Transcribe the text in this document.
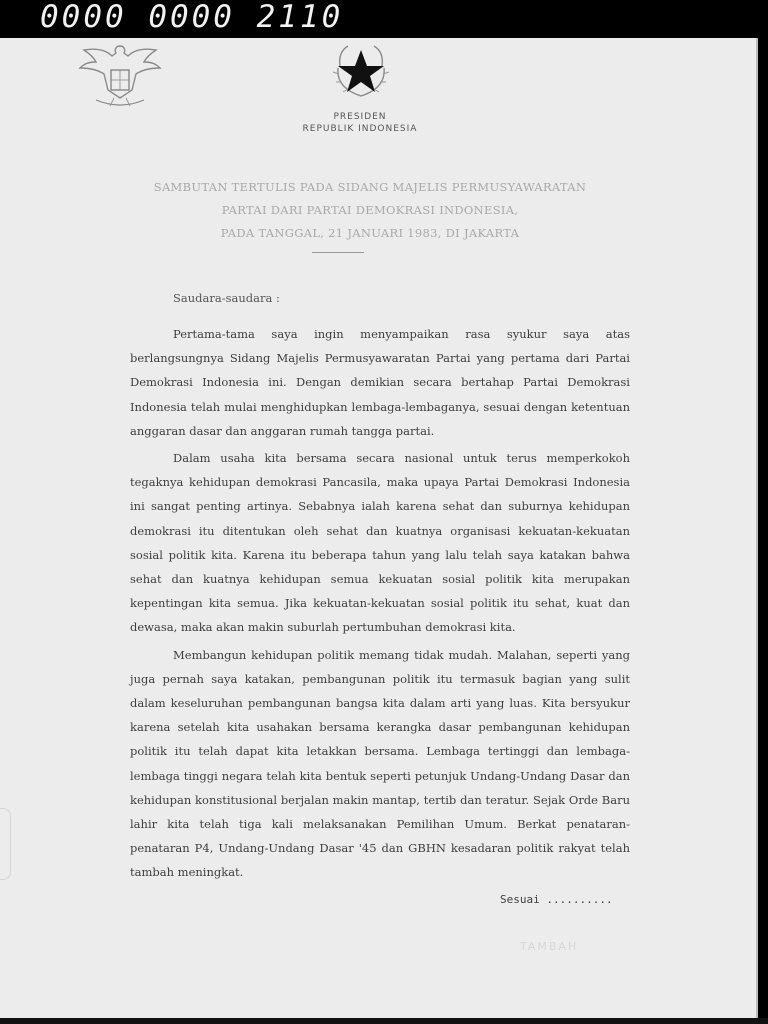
0000 0000 2110
PRESIDEN
REPUBLIK INDONESIA
SAMBUTAN TERTULIS PADA SIDANG MAJELIS PERMUSYAWARATAN
PARTAI DARI PARTAI DEMOKRASI INDONESIA,
PADA TANGGAL, 21 JANUARI 1983, DI JAKARTA
Saudara-saudara :

Pertama-tama saya ingin menyampaikan rasa syukur saya atas berlangsungnya Sidang Majelis Permusyawaratan Partai yang pertama dari Partai Demokrasi Indonesia ini. Dengan demikian secara bertahap Partai Demokrasi Indonesia telah mulai menghidupkan lembaga-lembaganya, sesuai dengan ketentuan anggaran dasar dan anggaran rumah tangga partai.

Dalam usaha kita bersama secara nasional untuk terus memperkokoh tegaknya kehidupan demokrasi Pancasila, maka upaya Partai Demokrasi Indonesia ini sangat penting artinya. Sebabnya ialah karena sehat dan suburnya kehidupan demokrasi itu ditentukan oleh sehat dan kuatnya organisasi kekuatan-kekuatan sosial politik kita. Karena itu beberapa tahun yang lalu telah saya katakan bahwa sehat dan kuatnya kehidupan semua kekuatan sosial politik kita merupakan kepentingan kita semua. Jika kekuatan-kekuatan sosial politik itu sehat, kuat dan dewasa, maka akan makin suburlah pertumbuhan demokrasi kita.

Membangun kehidupan politik memang tidak mudah. Malahan, seperti yang juga pernah saya katakan, pembangunan politik itu termasuk bagian yang sulit dalam keseluruhan pembangunan bangsa kita dalam arti yang luas. Kita bersyukur karena setelah kita usahakan bersama kerangka dasar pembangunan kehidupan politik itu telah dapat kita letakkan bersama. Lembaga tertinggi dan lembaga-lembaga tinggi negara telah kita bentuk seperti petunjuk Undang-Undang Dasar dan kehidupan konstitusional berjalan makin mantap, tertib dan teratur. Sejak Orde Baru lahir kita telah tiga kali melaksanakan Pemilihan Umum. Berkat penataran-penataran P4, Undang-Undang Dasar '45 dan GBHN kesadaran politik rakyat telah tambah meningkat.

Sesuai ..........
TAMBAH
